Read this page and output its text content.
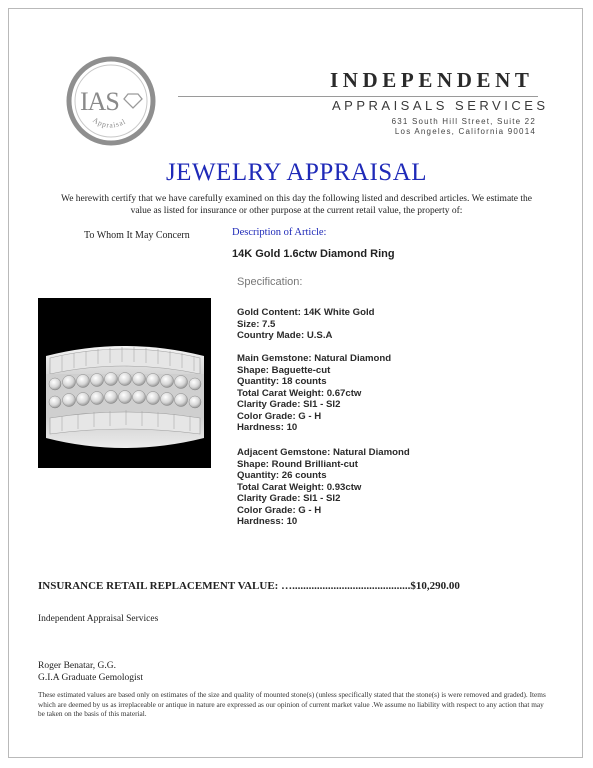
IAS
Appraisal
INDEPENDENT
APPRAISALS SERVICES
631 South Hill Street, Suite 22
Los Angeles, California 90014
JEWELRY APPRAISAL
We herewith certify that we have carefully examined on this day the following listed and described articles. We estimate the value as listed for insurance or other purpose at the current retail value, the property of:
To Whom It May Concern	Description of Article:
14K Gold 1.6ctw Diamond Ring
Specification:
Gold Content: 14K White Gold
Size: 7.5
Country Made: U.S.A
Main Gemstone: Natural Diamond
Shape: Baguette-cut
Quantity: 18 counts
Total Carat Weight: 0.67ctw
Clarity Grade: SI1 - SI2
Color Grade: G - H
Hardness: 10
Adjacent Gemstone: Natural Diamond
Shape: Round Brilliant-cut
Quantity: 26 counts
Total Carat Weight: 0.93ctw
Clarity Grade: SI1 - SI2
Color Grade: G - H
Hardness: 10
INSURANCE RETAIL REPLACEMENT VALUE: …...........................................$10,290.00
Independent Appraisal Services
Roger Benatar, G.G.
G.I.A Graduate Gemologist
These estimated values are based only on estimates of the size and quality of mounted stone(s) (unless specifically stated that the stone(s) is were removed and graded). Items which are deemed by us as irreplaceable or antique in nature are expressed as our opinion of current market value .We assume no liability with respect to any action that may be taken on the basis of this material.
